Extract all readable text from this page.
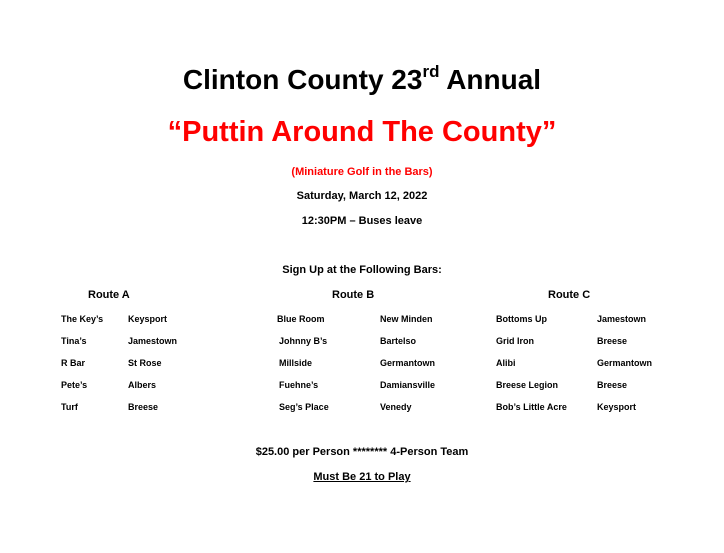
Clinton County 23rd Annual
“Puttin Around The County”
(Miniature Golf in the Bars)
Saturday, March 12, 2022
12:30PM – Buses leave
Sign Up at the Following Bars:
Route A	Route B	Route C
The Key’s	Keysport
Tina’s	Jamestown
R Bar	St Rose
Pete’s	Albers
Turf	Breese
Blue Room	New Minden
Johnny B’s	Bartelso
Millside	Germantown
Fuehne’s	Damiansville
Seg’s Place	Venedy
Bottoms Up	Jamestown
Grid Iron	Breese
Alibi	Germantown
Breese Legion	Breese
Bob’s Little Acre	Keysport
$25.00 per Person ******** 4-Person Team
Must Be 21 to Play
